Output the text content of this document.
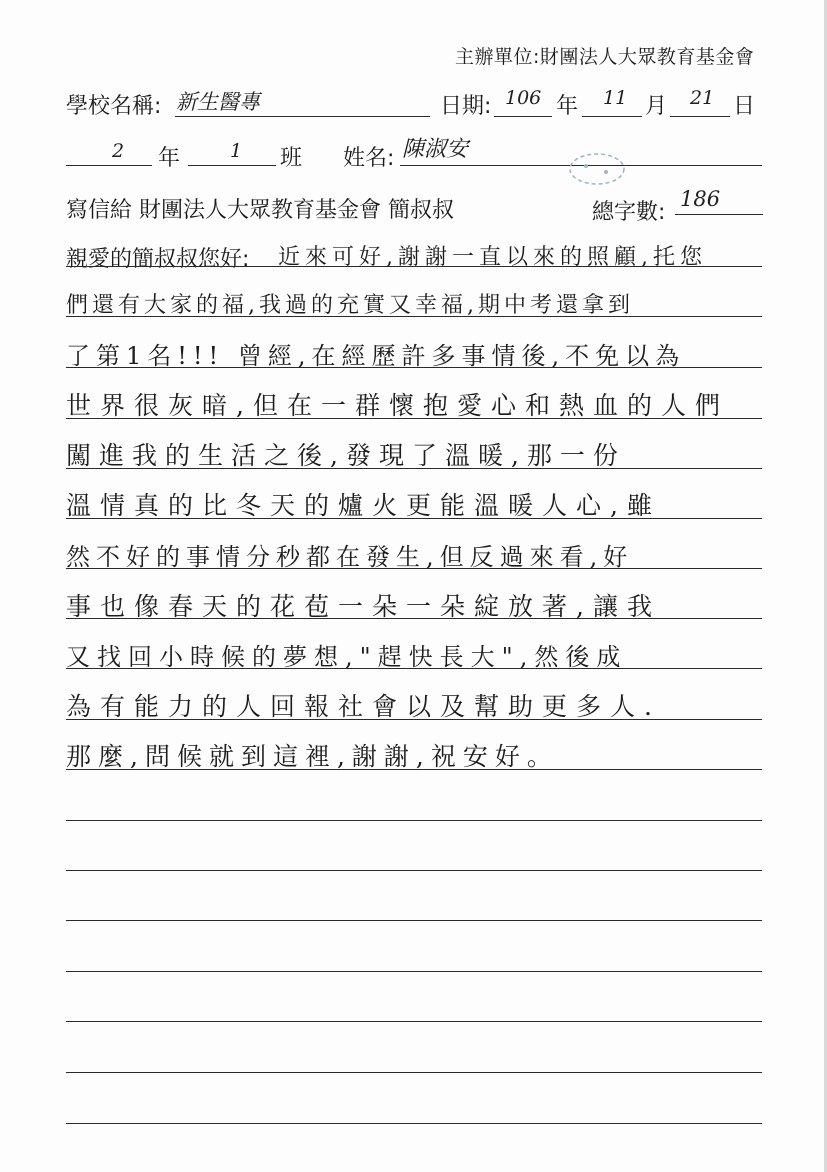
主辦單位:財團法人大眾教育基金會
學校名稱: 新生醫專	日期: 106 年 11 月 21 日
2 年	1 班 姓名: 陳淑安
寫信給 財團法人大眾教育基金會 簡叔叔	總字數:
186
親愛的簡叔叔您好: 近來可好,謝謝一直以來的照顧,托您
們還有大家的福,我過的充實又幸福,期中考還拿到
了第1名!!! 曾經,在經歷許多事情後,不免以為
世界很灰暗,但在一群懷抱愛心和熱血的人們
闖進我的生活之後,發現了溫暖,那一份
溫情真的比冬天的爐火更能溫暖人心,雖
然不好的事情分秒都在發生,但反過來看,好
事也像春天的花苞一朵一朵綻放著,讓我
又找回小時候的夢想,"趕快長大",然後成
為有能力的人回報社會以及幫助更多人.
那麼,問候就到這裡,謝謝,祝安好。
